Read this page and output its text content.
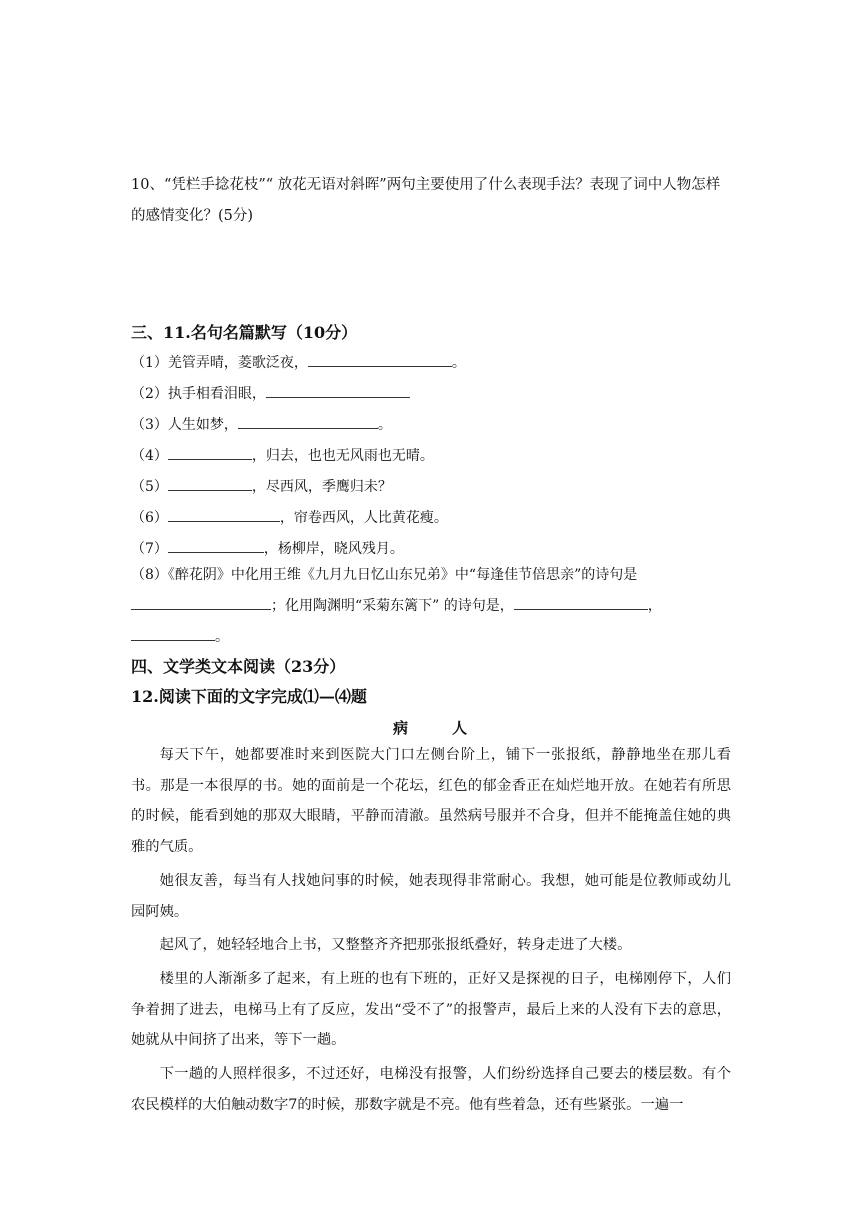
10、“凭栏手捻花枝”“ 放花无语对斜晖”两句主要使用了什么表现手法？表现了词中人物怎样的感情变化？(5分)
三、11.名句名篇默写（10分）
（1）羌管弄晴，菱歌泛夜，	。
（2）执手相看泪眼，
（3）人生如梦，	。
（4）	，归去，也也无风雨也无晴。
（5）	，尽西风，季鹰归未？
（6）	，帘卷西风，人比黄花瘦。
（7）	，杨柳岸，晓风残月。
（8）《醉花阴》中化用王维《九月九日忆山东兄弟》中“每逢佳节倍思亲”的诗句是
；化用陶渊明“采菊东篱下” 的诗句是，	，
。
四、文学类文本阅读（23分）
12.阅读下面的文字完成⑴—⑷题
病	人

每天下午，她都要准时来到医院大门口左侧台阶上，铺下一张报纸，静静地坐在那儿看书。那是一本很厚的书。她的面前是一个花坛，红色的郁金香正在灿烂地开放。在她若有所思的时候，能看到她的那双大眼睛，平静而清澈。虽然病号服并不合身，但并不能掩盖住她的典雅的气质。

她很友善，每当有人找她问事的时候，她表现得非常耐心。我想，她可能是位教师或幼儿园阿姨。

起风了，她轻轻地合上书，又整整齐齐把那张报纸叠好，转身走进了大楼。

楼里的人渐渐多了起来，有上班的也有下班的，正好又是探视的日子，电梯刚停下，人们争着拥了进去，电梯马上有了反应，发出“受不了”的报警声，最后上来的人没有下去的意思，她就从中间挤了出来，等下一趟。

下一趟的人照样很多，不过还好，电梯没有报警，人们纷纷选择自己要去的楼层数。有个农民模样的大伯触动数字7的时候，那数字就是不亮。他有些着急，还有些紧张。一遍一
